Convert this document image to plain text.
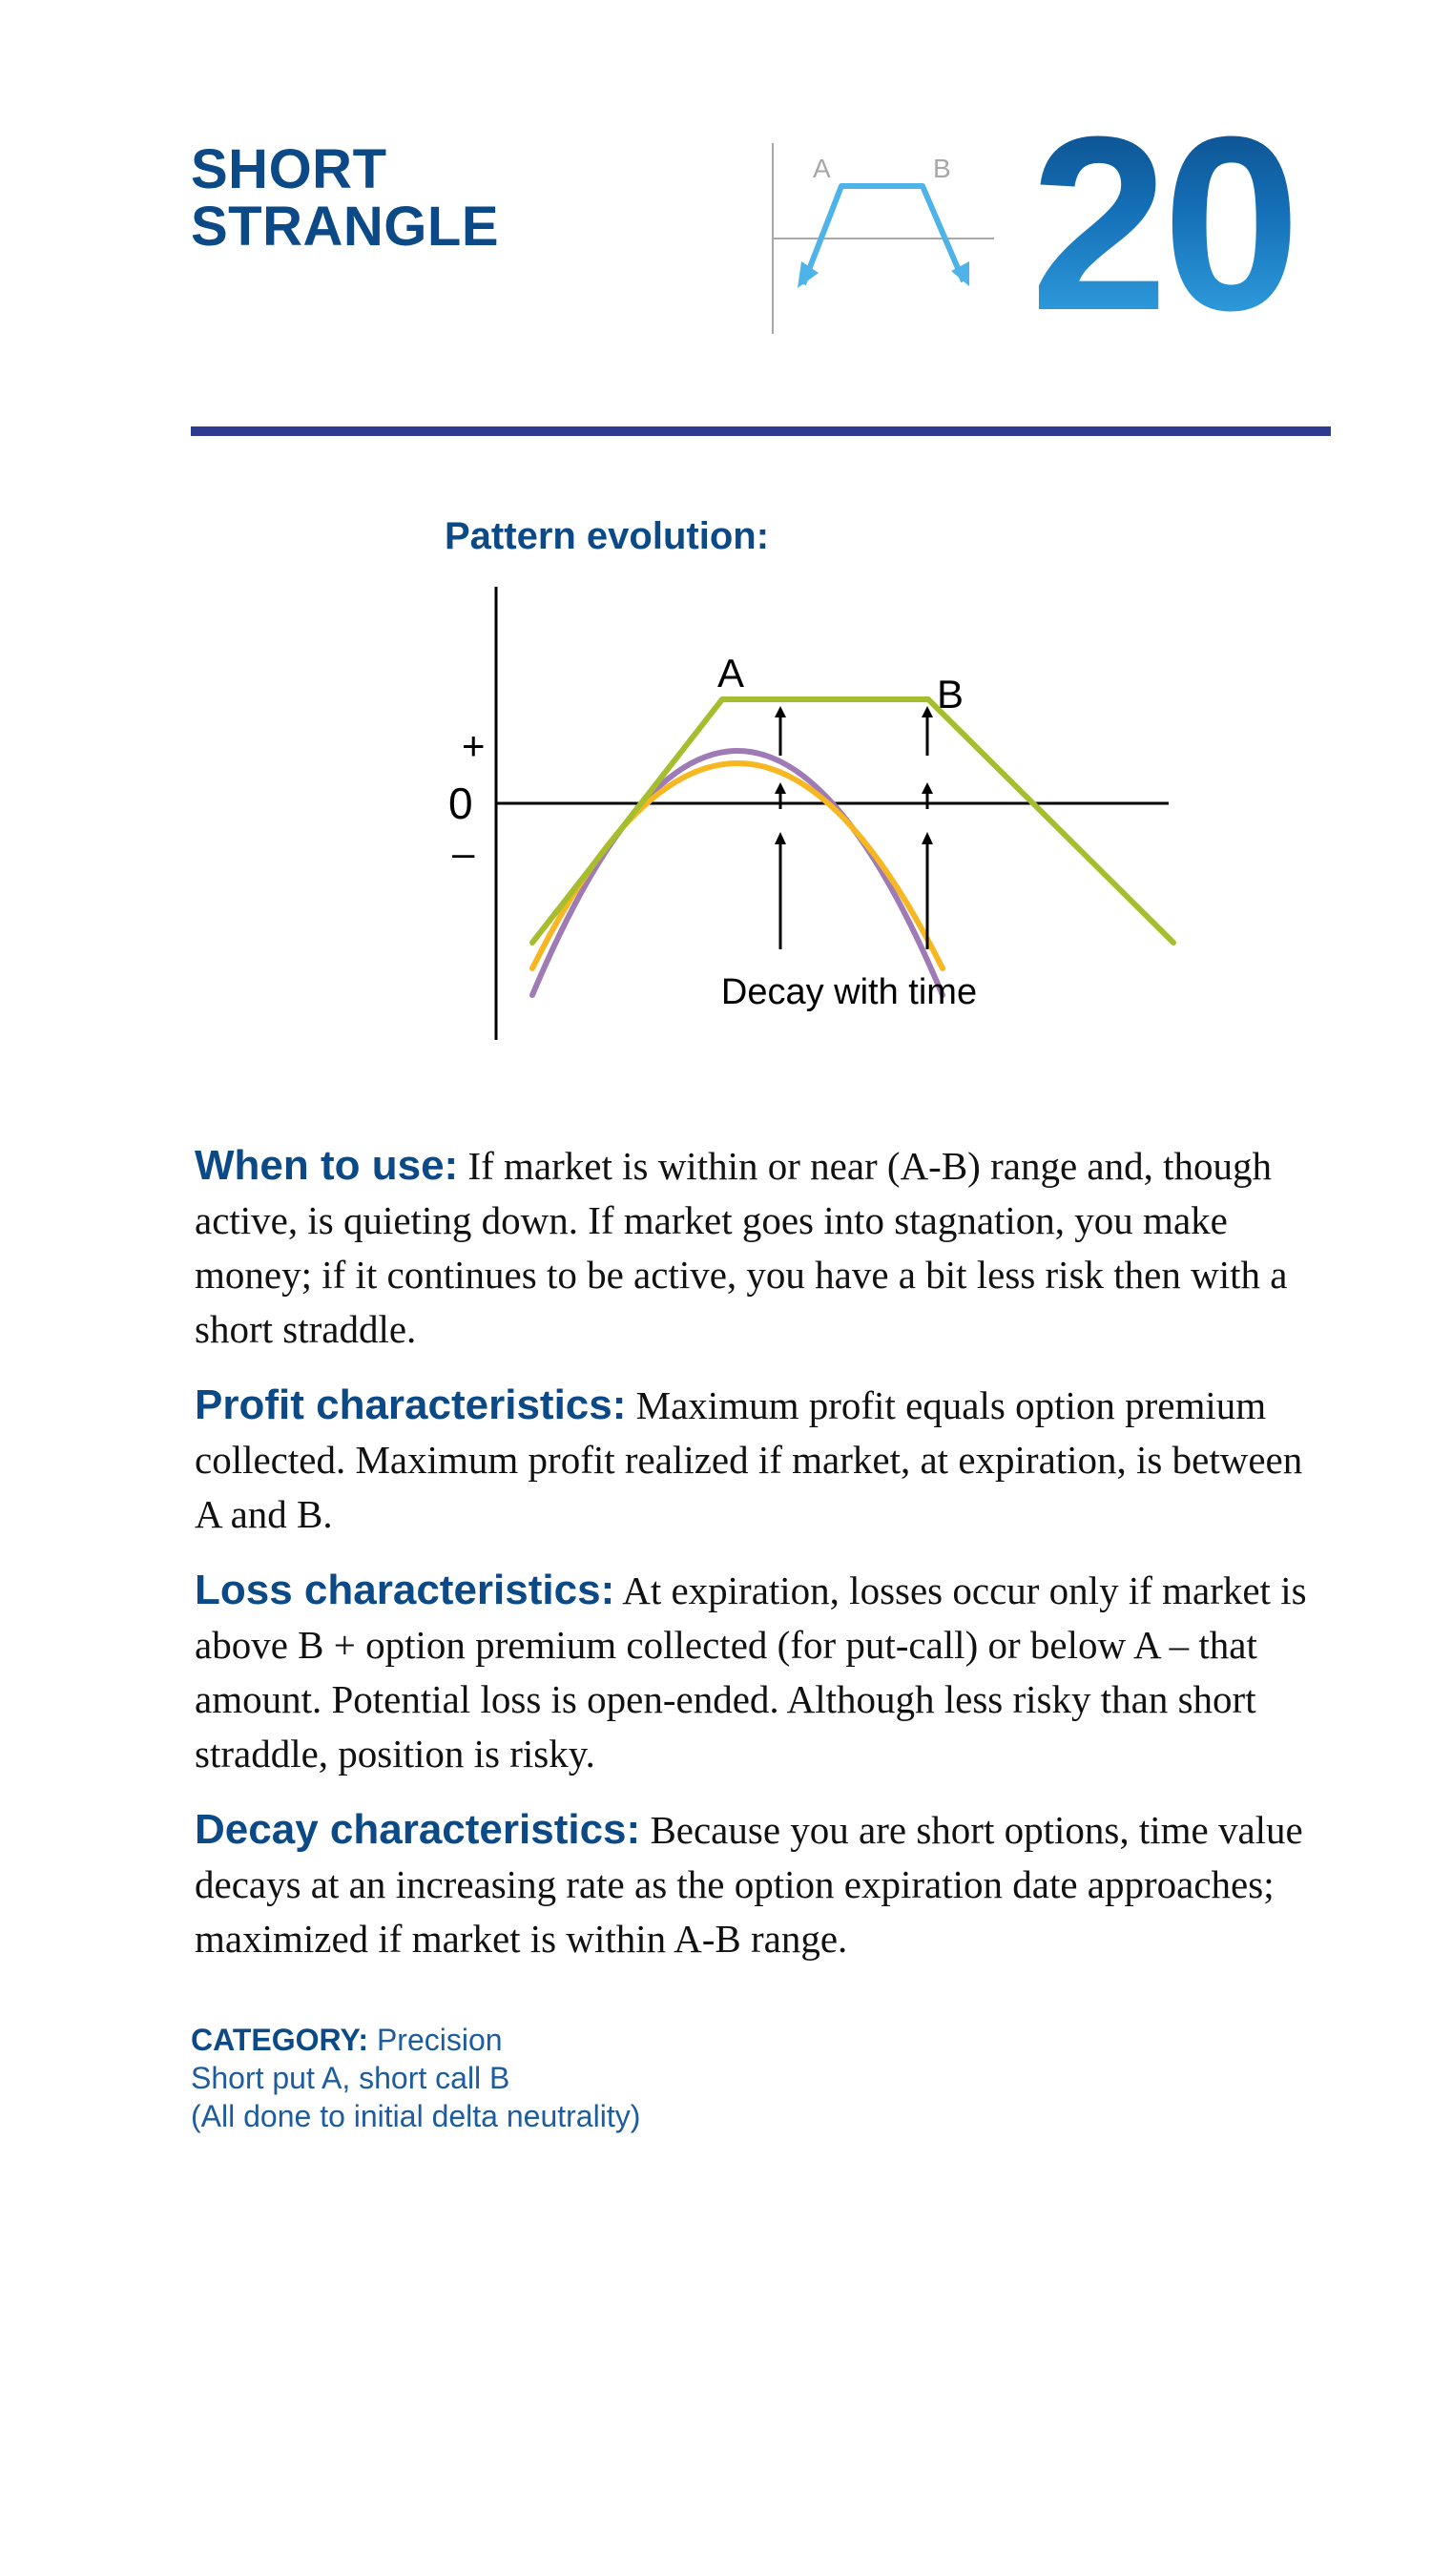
SHORT
STRANGLE
A	B 20
Pattern evolution:
+
0
–
A	B
Decay with time

When to use: If market is within or near (A-B) range and, though active, is quieting down. If market goes into stagnation, you make money; if it continues to be active, you have a bit less risk then with a short straddle.

Profit characteristics: Maximum profit equals option premium collected. Maximum profit realized if market, at expiration, is between A and B.

Loss characteristics: At expiration, losses occur only if market is above B + option premium collected (for put-call) or below A – that amount. Potential loss is open-ended. Although less risky than short straddle, position is risky.

Decay characteristics: Because you are short options, time value decays at an increasing rate as the option expiration date approaches; maximized if market is within A-B range.

CATEGORY: Precision
Short put A, short call B
(All done to initial delta neutrality)
